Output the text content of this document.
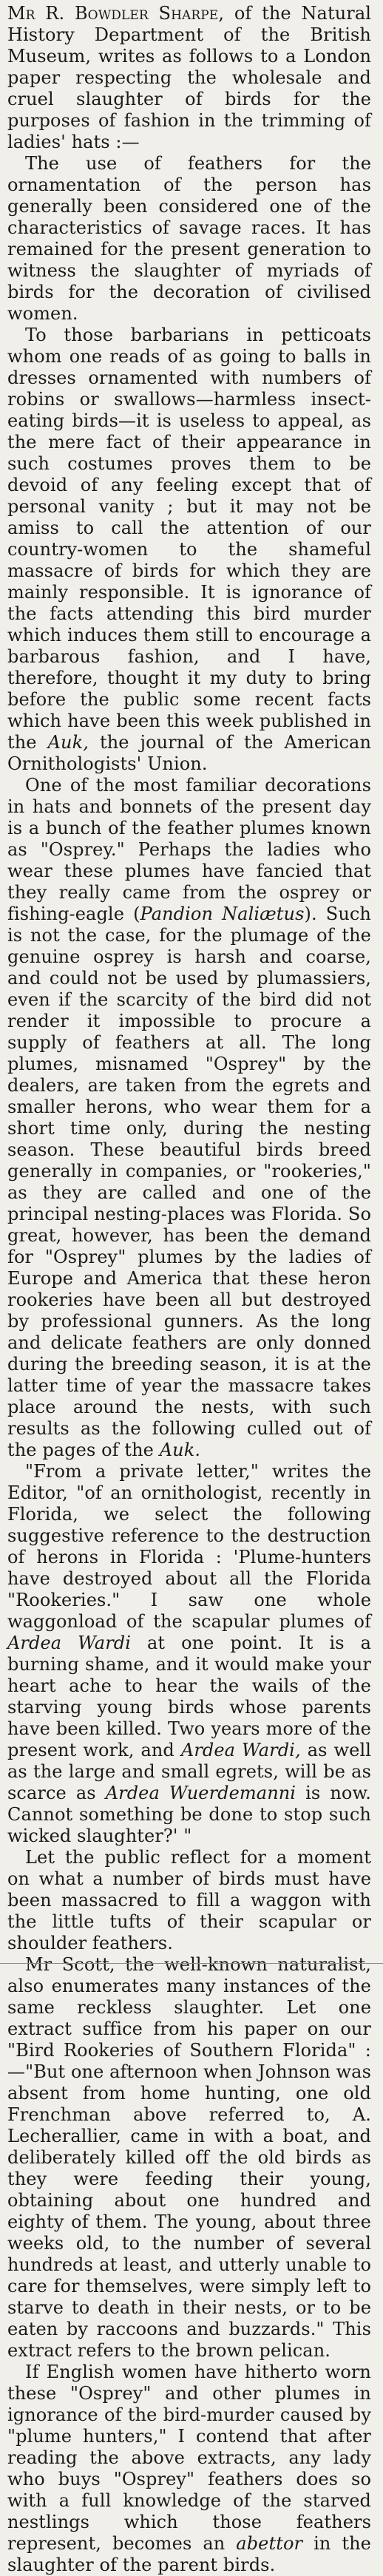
Mr R. Bowdler Sharpe, of the Natural History Department of the British Museum, writes as follows to a London paper respecting the wholesale and cruel slaughter of birds for the purposes of fashion in the trimming of ladies' hats :—

The use of feathers for the ornamentation of the person has generally been considered one of the characteristics of savage races. It has remained for the present generation to witness the slaughter of myriads of birds for the decoration of civilised women.

To those barbarians in petticoats whom one reads of as going to balls in dresses ornamented with numbers of robins or swallows—harmless insect-eating birds—it is useless to appeal, as the mere fact of their appearance in such costumes proves them to be devoid of any feeling except that of personal vanity ; but it may not be amiss to call the attention of our country-women to the shameful massacre of birds for which they are mainly responsible. It is ignorance of the facts attending this bird murder which induces them still to encourage a barbarous fashion, and I have, therefore, thought it my duty to bring before the public some recent facts which have been this week published in the Auk, the journal of the American Ornithologists' Union.

One of the most familiar decorations in hats and bonnets of the present day is a bunch of the feather plumes known as "Osprey." Perhaps the ladies who wear these plumes have fancied that they really came from the osprey or fishing-eagle (Pandion Naliætus). Such is not the case, for the plumage of the genuine osprey is harsh and coarse, and could not be used by plumassiers, even if the scarcity of the bird did not render it impossible to procure a supply of feathers at all. The long plumes, misnamed "Osprey" by the dealers, are taken from the egrets and smaller herons, who wear them for a short time only, during the nesting season. These beautiful birds breed generally in companies, or "rookeries," as they are called and one of the principal nesting-places was Florida. So great, however, has been the demand for "Osprey" plumes by the ladies of Europe and America that these heron rookeries have been all but destroyed by professional gunners. As the long and delicate feathers are only donned during the breeding season, it is at the latter time of year the massacre takes place around the nests, with such results as the following culled out of the pages of the Auk.

"From a private letter," writes the Editor, "of an ornithologist, recently in Florida, we select the following suggestive reference to the destruction of herons in Florida : 'Plume-hunters have destroyed about all the Florida "Rookeries." I saw one whole waggonload of the scapular plumes of Ardea Wardi at one point. It is a burning shame, and it would make your heart ache to hear the wails of the starving young birds whose parents have been killed. Two years more of the present work, and Ardea Wardi, as well as the large and small egrets, will be as scarce as Ardea Wuerdemanni is now. Cannot something be done to stop such wicked slaughter?' "

Let the public reflect for a moment on what a number of birds must have been massacred to fill a waggon with the little tufts of their scapular or shoulder feathers.

Mr Scott, the well-known naturalist, also enumerates many instances of the same reckless slaughter. Let one extract suffice from his paper on our "Bird Rookeries of Southern Florida" :—"But one afternoon when Johnson was absent from home hunting, one old Frenchman above referred to, A. Lecherallier, came in with a boat, and deliberately killed off the old birds as they were feeding their young, obtaining about one hundred and eighty of them. The young, about three weeks old, to the number of several hundreds at least, and utterly unable to care for themselves, were simply left to starve to death in their nests, or to be eaten by raccoons and buzzards." This extract refers to the brown pelican.

If English women have hitherto worn these "Osprey" and other plumes in ignorance of the bird-murder caused by "plume hunters," I contend that after reading the above extracts, any lady who buys "Osprey" feathers does so with a full knowledge of the starved nestlings which those feathers represent, becomes an abettor in the slaughter of the parent birds.
